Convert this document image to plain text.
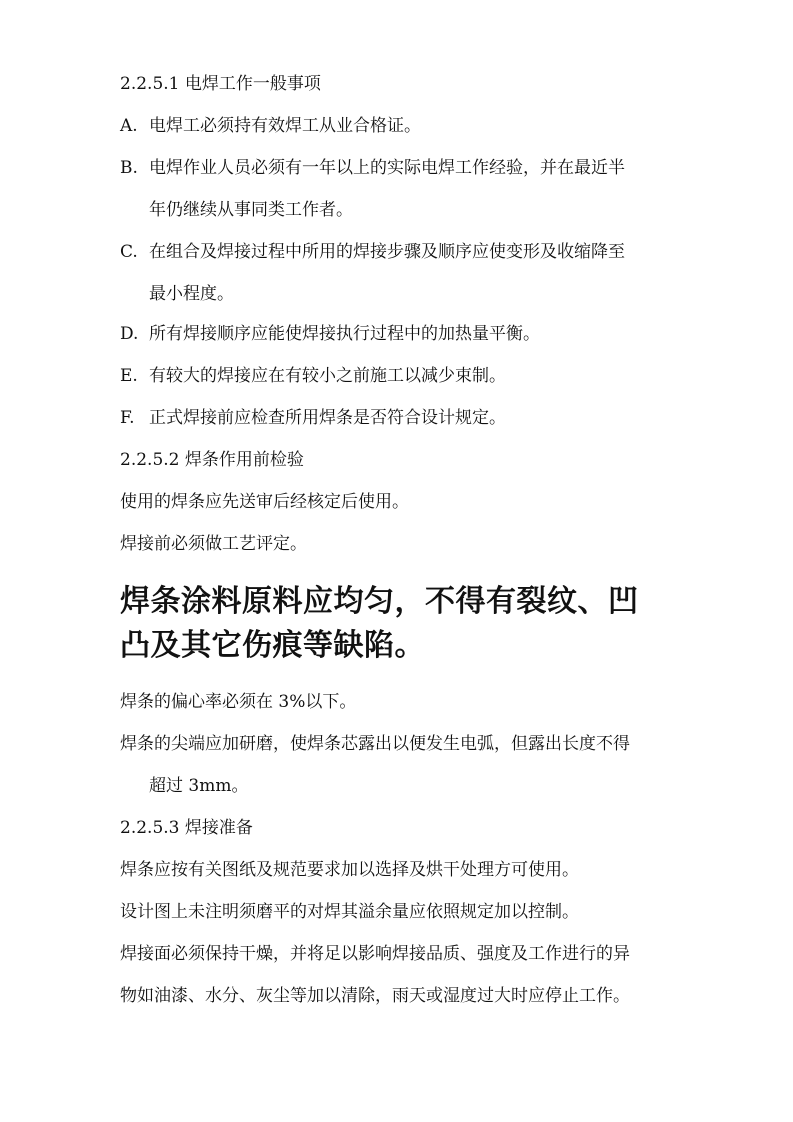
2.2.5.1 电焊工作一般事项
A. 电焊工必须持有效焊工从业合格证。
B. 电焊作业人员必须有一年以上的实际电焊工作经验，并在最近半
年仍继续从事同类工作者。
C. 在组合及焊接过程中所用的焊接步骤及顺序应使变形及收缩降至
最小程度。
D. 所有焊接顺序应能使焊接执行过程中的加热量平衡。
E. 有较大的焊接应在有较小之前施工以减少束制。
F. 正式焊接前应检查所用焊条是否符合设计规定。
2.2.5.2 焊条作用前检验
使用的焊条应先送审后经核定后使用。
焊接前必须做工艺评定。
焊条涂料原料应均匀，不得有裂纹、凹
凸及其它伤痕等缺陷。
焊条的偏心率必须在 3%以下。
焊条的尖端应加研磨，使焊条芯露出以便发生电弧，但露出长度不得
超过 3mm。
2.2.5.3 焊接准备
焊条应按有关图纸及规范要求加以选择及烘干处理方可使用。
设计图上未注明须磨平的对焊其溢余量应依照规定加以控制。
焊接面必须保持干燥，并将足以影响焊接品质、强度及工作进行的异
物如油漆、水分、灰尘等加以清除，雨天或湿度过大时应停止工作。
